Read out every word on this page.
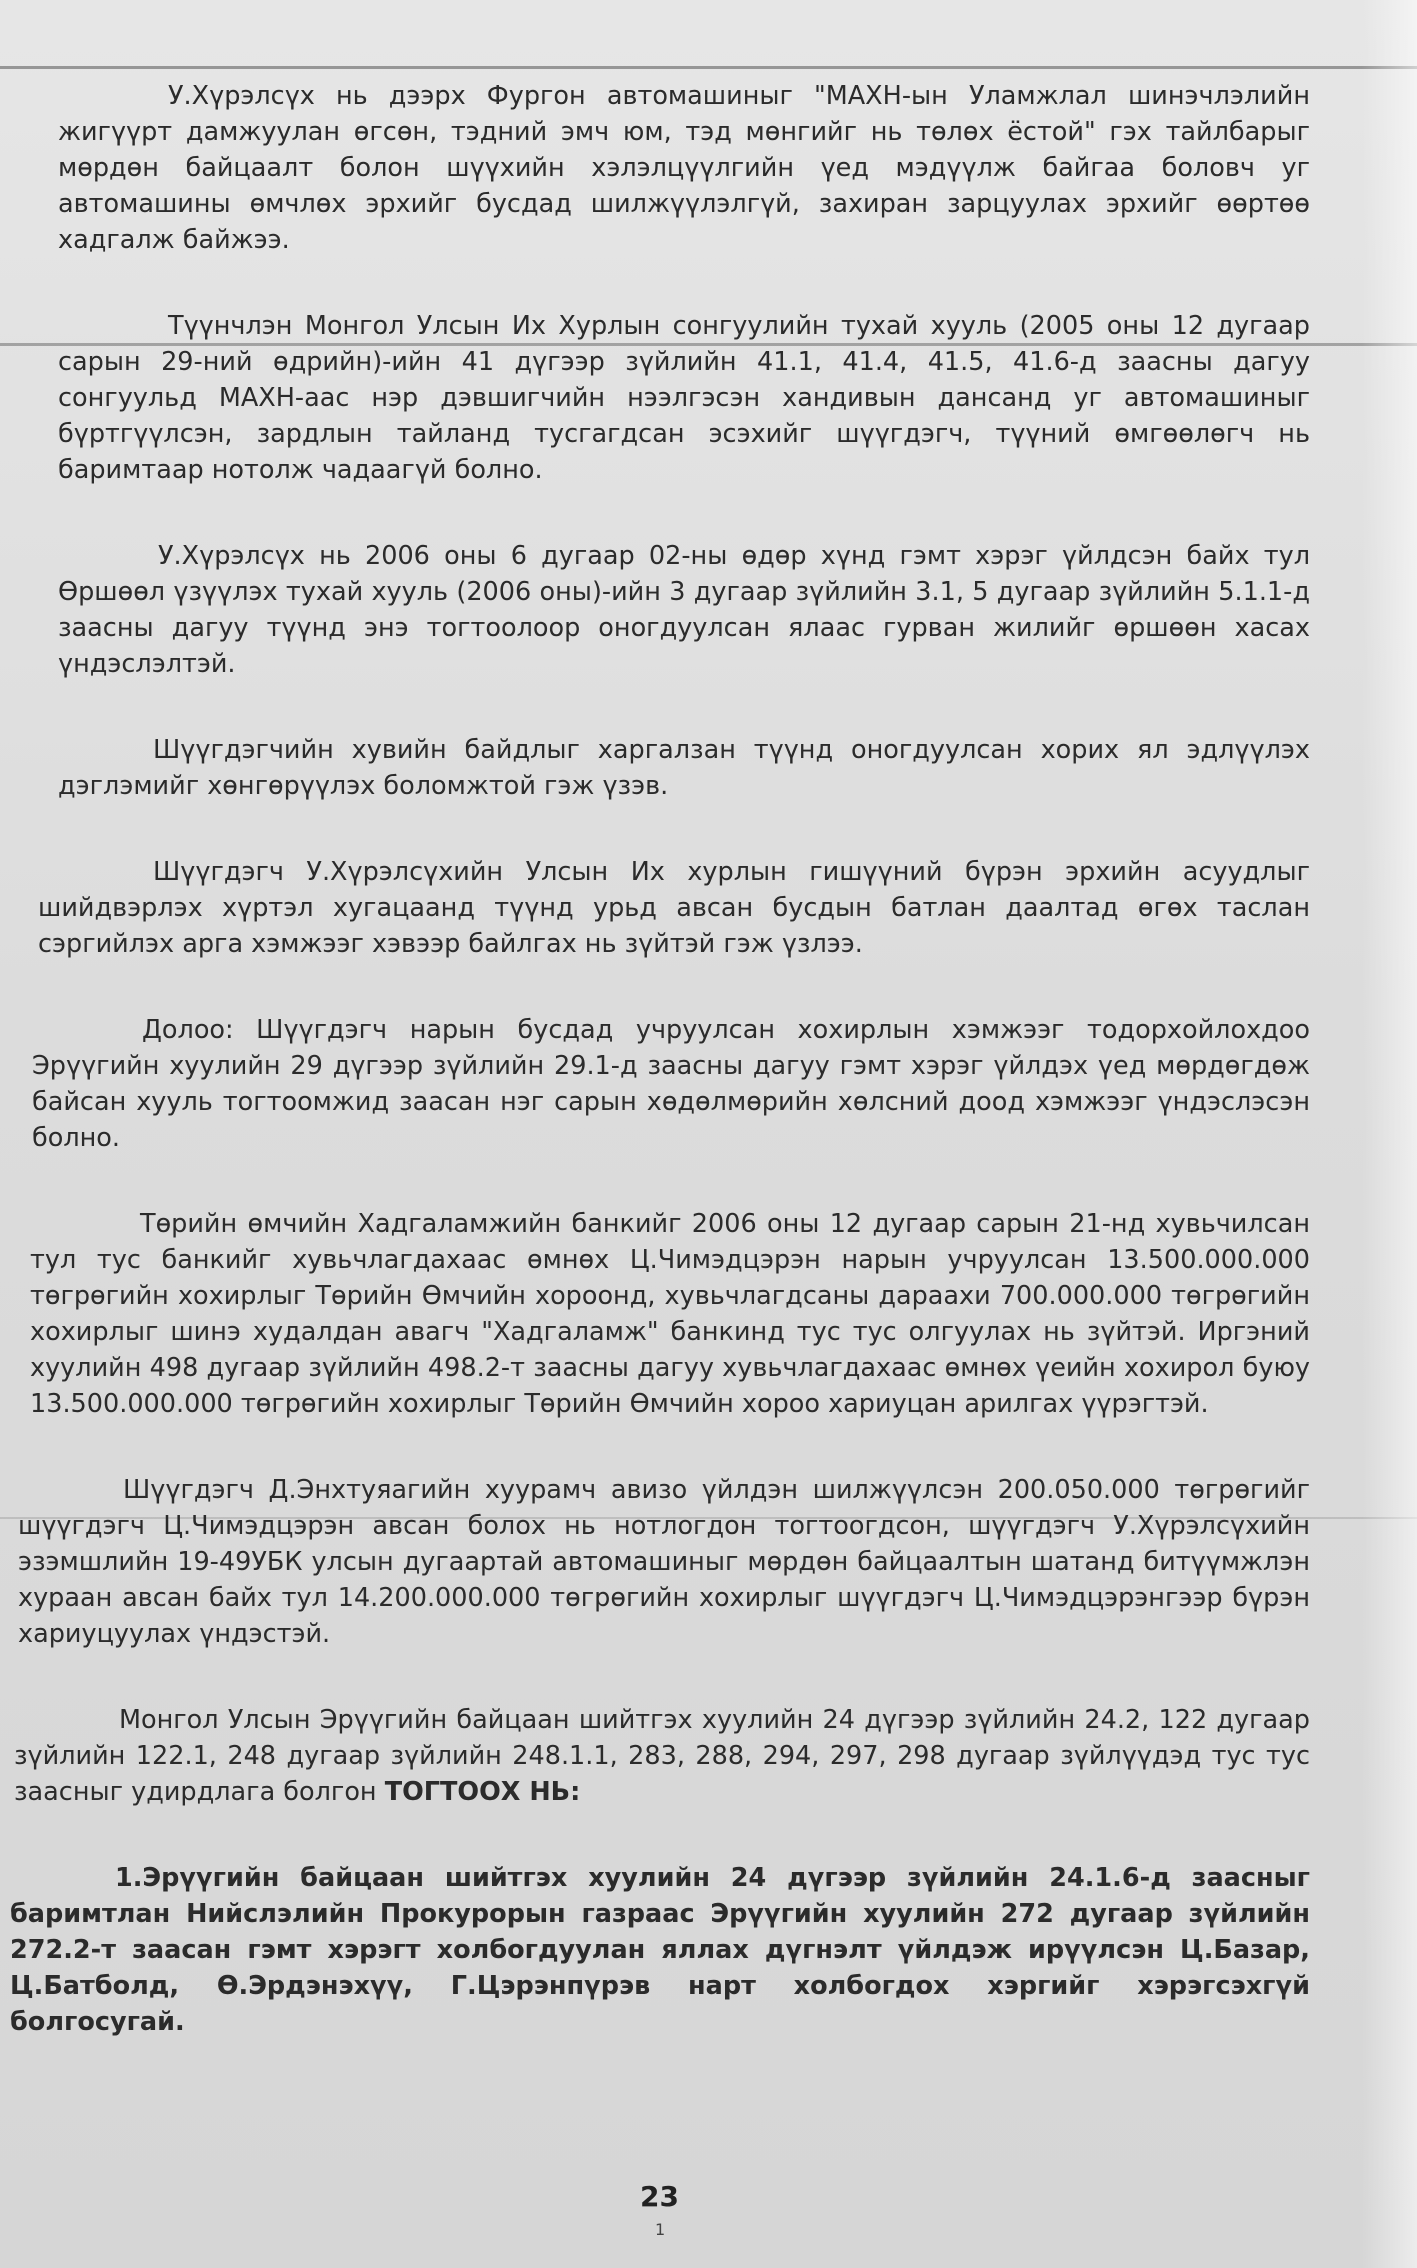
У.Хүрэлсүх нь дээрх Фургон автомашиныг "МАХН-ын Уламжлал шинэчлэлийн жигүүрт дамжуулан өгсөн, тэдний эмч юм, тэд мөнгийг нь төлөх ёстой" гэх тайлбарыг мөрдөн байцаалт болон шүүхийн хэлэлцүүлгийн үед мэдүүлж байгаа боловч уг автомашины өмчлөх эрхийг бусдад шилжүүлэлгүй, захиран зарцуулах эрхийг өөртөө хадгалж байжээ.

Түүнчлэн Монгол Улсын Их Хурлын сонгуулийн тухай хууль (2005 оны 12 дугаар сарын 29-ний өдрийн)-ийн 41 дүгээр зүйлийн 41.1, 41.4, 41.5, 41.6-д заасны дагуу сонгуульд МАХН-аас нэр дэвшигчийн нээлгэсэн хандивын дансанд уг автомашиныг бүртгүүлсэн, зардлын тайланд тусгагдсан эсэхийг шүүгдэгч, түүний өмгөөлөгч нь баримтаар нотолж чадаагүй болно.

У.Хүрэлсүх нь 2006 оны 6 дугаар 02-ны өдөр хүнд гэмт хэрэг үйлдсэн байх тул Өршөөл үзүүлэх тухай хууль (2006 оны)-ийн 3 дугаар зүйлийн 3.1, 5 дугаар зүйлийн 5.1.1-д заасны дагуу түүнд энэ тогтоолоор оногдуулсан ялаас гурван жилийг өршөөн хасах үндэслэлтэй.

Шүүгдэгчийн хувийн байдлыг харгалзан түүнд оногдуулсан хорих ял эдлүүлэх дэглэмийг хөнгөрүүлэх боломжтой гэж үзэв.

Шүүгдэгч У.Хүрэлсүхийн Улсын Их хурлын гишүүний бүрэн эрхийн асуудлыг шийдвэрлэх хүртэл хугацаанд түүнд урьд авсан бусдын батлан даалтад өгөх таслан сэргийлэх арга хэмжээг хэвээр байлгах нь зүйтэй гэж үзлээ.

Долоо: Шүүгдэгч нарын бусдад учруулсан хохирлын хэмжээг тодорхойлохдоо Эрүүгийн хуулийн 29 дүгээр зүйлийн 29.1-д заасны дагуу гэмт хэрэг үйлдэх үед мөрдөгдөж байсан хууль тогтоомжид заасан нэг сарын хөдөлмөрийн хөлсний доод хэмжээг үндэслэсэн болно.

Төрийн өмчийн Хадгаламжийн банкийг 2006 оны 12 дугаар сарын 21-нд хувьчилсан тул тус банкийг хувьчлагдахаас өмнөх Ц.Чимэдцэрэн нарын учруулсан 13.500.000.000 төгрөгийн хохирлыг Төрийн Өмчийн хороонд, хувьчлагдсаны дараахи 700.000.000 төгрөгийн хохирлыг шинэ худалдан авагч "Хадгаламж" банкинд тус тус олгуулах нь зүйтэй. Иргэний хуулийн 498 дугаар зүйлийн 498.2-т заасны дагуу хувьчлагдахаас өмнөх үеийн хохирол буюу 13.500.000.000 төгрөгийн хохирлыг Төрийн Өмчийн хороо хариуцан арилгах үүрэгтэй.

Шүүгдэгч Д.Энхтуяагийн хуурамч авизо үйлдэн шилжүүлсэн 200.050.000 төгрөгийг шүүгдэгч Ц.Чимэдцэрэн авсан болох нь нотлогдон тогтоогдсон, шүүгдэгч У.Хүрэлсүхийн эзэмшлийн 19-49УБК улсын дугаартай автомашиныг мөрдөн байцаалтын шатанд битүүмжлэн хураан авсан байх тул 14.200.000.000 төгрөгийн хохирлыг шүүгдэгч Ц.Чимэдцэрэнгээр бүрэн хариуцуулах үндэстэй.

Монгол Улсын Эрүүгийн байцаан шийтгэх хуулийн 24 дүгээр зүйлийн 24.2, 122 дугаар зүйлийн 122.1, 248 дугаар зүйлийн 248.1.1, 283, 288, 294, 297, 298 дугаар зүйлүүдэд тус тус заасныг удирдлага болгон ТОГТООХ НЬ:

1.Эрүүгийн байцаан шийтгэх хуулийн 24 дүгээр зүйлийн 24.1.6-д заасныг баримтлан Нийслэлийн Прокурорын газраас Эрүүгийн хуулийн 272 дугаар зүйлийн 272.2-т заасан гэмт хэрэгт холбогдуулан яллах дүгнэлт үйлдэж ирүүлсэн Ц.Базар, Ц.Батболд, Ө.Эрдэнэхүү, Г.Цэрэнпүрэв нарт холбогдох хэргийг хэрэгсэхгүй болгосугай.

23
1
